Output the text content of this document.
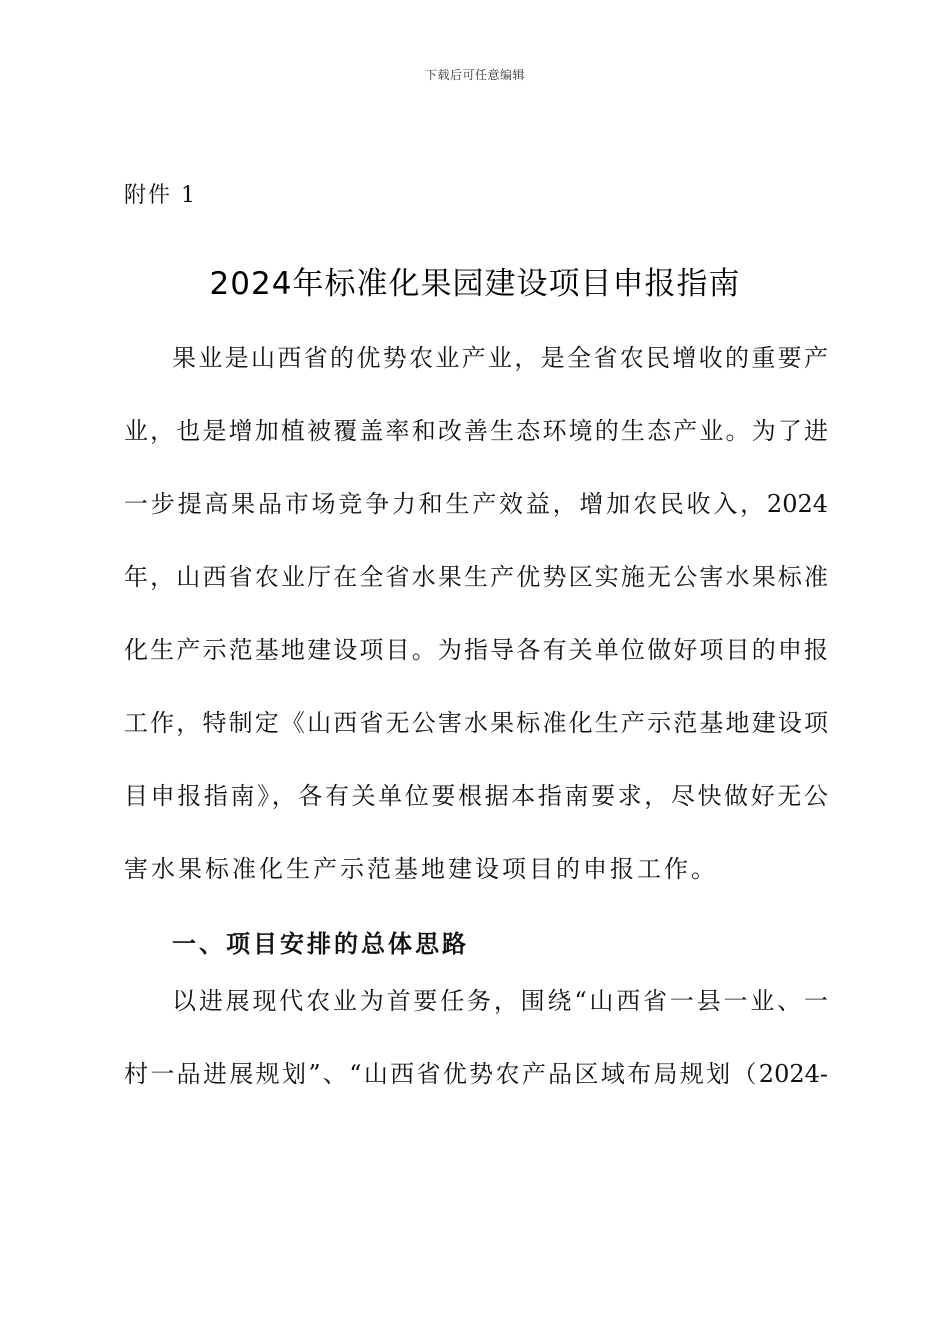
下载后可任意编辑
附件 1
2024年标准化果园建设项目申报指南
果业是山西省的优势农业产业，是全省农民增收的重要产
业，也是增加植被覆盖率和改善生态环境的生态产业。为了进
一步提高果品市场竞争力和生产效益，增加农民收入，2024
年，山西省农业厅在全省水果生产优势区实施无公害水果标准
化生产示范基地建设项目。为指导各有关单位做好项目的申报
工作，特制定《山西省无公害水果标准化生产示范基地建设项
目申报指南》，各有关单位要根据本指南要求，尽快做好无公
害水果标准化生产示范基地建设项目的申报工作。
一、项目安排的总体思路
以进展现代农业为首要任务，围绕“山西省一县一业、一
村一品进展规划”、“山西省优势农产品区域布局规划（2024-
